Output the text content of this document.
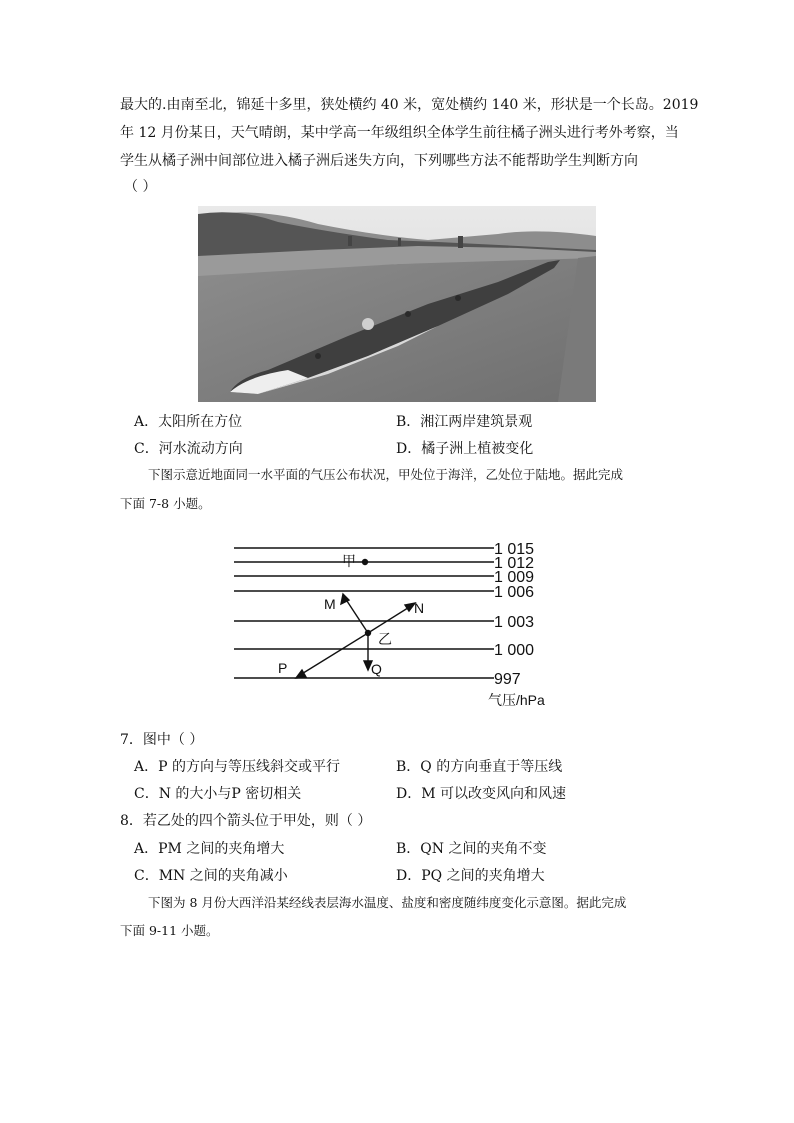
最大的.由南至北，锦延十多里，狭处横约 40 米，宽处横约 140 米，形状是一个长岛。2019
年 12 月份某日，天气晴朗，某中学高一年级组织全体学生前往橘子洲头进行考外考察，当
学生从橘子洲中间部位进入橘子洲后迷失方向，下列哪些方法不能帮助学生判断方向
（ ）
A．太阳所在方位	B．湘江两岸建筑景观
C．河水流动方向	D．橘子洲上植被变化
下图示意近地面同一水平面的气压公布状况，甲处位于海洋，乙处位于陆地。据此完成
下面 7-8 小题。
1 015
1 012
1 009
1 006
1 003
1 000
997
甲
乙
M	N
P	Q
气压/hPa
7．图中（ ）
A．P 的方向与等压线斜交或平行	B．Q 的方向垂直于等压线
C．N 的大小与P 密切相关	D．M 可以改变风向和风速
8．若乙处的四个箭头位于甲处，则（ ）
A．PM 之间的夹角增大	B．QN 之间的夹角不变
C．MN 之间的夹角减小	D．PQ 之间的夹角增大
下图为 8 月份大西洋沿某经线表层海水温度、盐度和密度随纬度变化示意图。据此完成
下面 9-11 小题。
